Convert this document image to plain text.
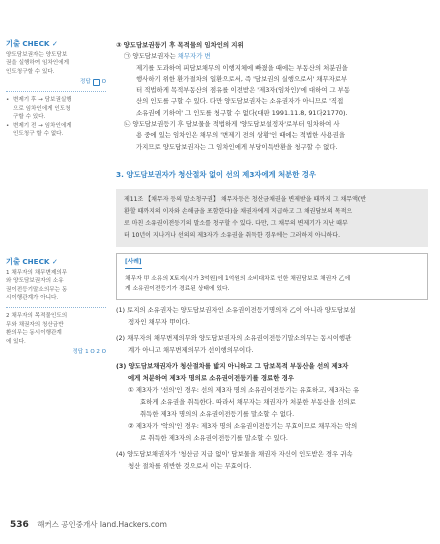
기출 CHECK ✓

양도담보권자는 양도담보

권을 실행하여 임차인에게

인도청구할 수 있다.

정답 O

• 변제기 후 → 담보권실행

으로 임차인에게 인도청

구할 수 있다.

• 변제기 전 → 임차인에게

인도청구 할 수 없다.

기출 CHECK ✓

1 채무자의 채무변제의무

와 양도담보권자의 소유

권이전등기말소의무는 동

시이행관계가 아니다.

2 채무자의 목적물인도의

무와 채권자의 청산금반

환의무는 동시이행관계

에 있다.

정답 1 O 2 O
③ 양도담보권등기 후 목적물의 임차인의 지위
㉠ 양도담보권자는 채무자가 변
제기를 도과하여 피담보채무의 이행지체에 빠졌을 때에는 부동산의 처분권을
행사하기 위한 환가절차의 일환으로서, 즉 '담보권의 실행으로서' 채무자로부
터 적법하게 목적부동산의 점유를 이전받은 '제3자(임차인)'에 대하여 그 부동
산의 인도를 구할 수 있다. 다만 양도담보권자는 소유권자가 아니므로 '직접
소유권에 기하여' 그 인도를 청구할 수 없다(대판 1991.11.8, 91다21770).
㉡ 양도담보권등기 후 담보물을 적법하게 '양도담보설정자'로부터 임차하여 사
용 중에 있는 임차인은 채무의 '변제기 전의 상황'인 때에는 적법한 사용권을
가지므로 양도담보권자는 그 임차인에게 부당이득반환을 청구할 수 없다.
3. 양도담보권자가 청산절차 없이 선의 제3자에게 처분한 경우
제11조 【채무자 등의 말소청구권】 채무자등은 청산금채권을 변제받을 때까지 그 채무액(반
환할 때까지의 이자와 손해금을 포함한다)을 채권자에게 지급하고 그 채권담보의 목적으
로 마친 소유권이전등기의 말소를 청구할 수 있다. 다만, 그 채무의 변제기가 지난 때부
터 10년이 지나거나 선의의 제3자가 소유권을 취득한 경우에는 그러하지 아니하다.
[사례]
채무자 甲 소유의 X토지(시가 3억원)에 1억원의 소비대차로 인한 채권담보로 채권자 乙에
게 소유권이전등기가 경료된 상태에 있다.
(1) 토지의 소유권자는 양도담보권자인 소유권이전등기명의자 乙이 아니라 양도담보설
정자인 채무자 甲이다.
(2) 채무자의 채무변제의무와 양도담보권자의 소유권이전등기말소의무는 동시이행관
계가 아니고 채무변제의무가 선이행의무이다.
(3) 양도담보채권자가 청산절차를 밟지 아니하고 그 담보목적 부동산을 선의 제3자
에게 처분하여 제3자 명의로 소유권이전등기를 경료한 경우
① 제3자가 '선의'인 경우: 선의 제3자 명의 소유권이전등기는 유효하고, 제3자는 유
효하게 소유권을 취득한다. 따라서 채무자는 채권자가 처분한 부동산을 선의로
취득한 제3자 명의의 소유권이전등기를 말소할 수 없다.
② 제3자가 '악의'인 경우: 제3자 명의 소유권이전등기는 무효이므로 채무자는 악의
로 취득한 제3자의 소유권이전등기를 말소할 수 있다.
(4) 양도담보채권자가 '청산금 지급 없이' 담보물을 채권자 자신이 인도받은 경우 귀속
청산 절차를 위반한 것으로서 이는 무효이다.
536 해커스 공인중개사 land.Hackers.com
